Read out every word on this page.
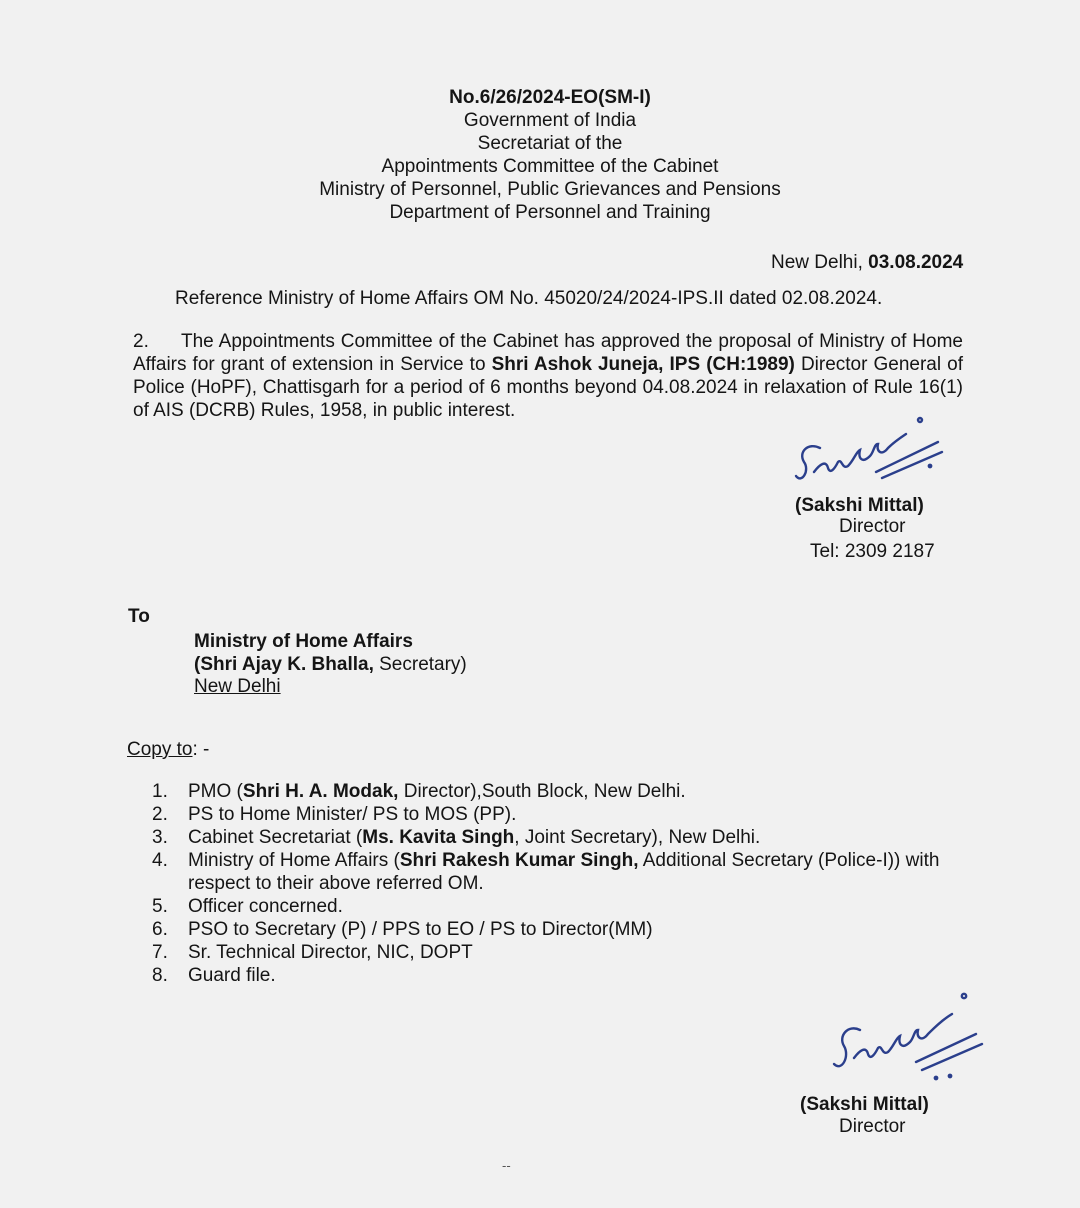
No.6/26/2024-EO(SM-I)
Government of India
Secretariat of the
Appointments Committee of the Cabinet
Ministry of Personnel, Public Grievances and Pensions
Department of Personnel and Training
New Delhi, 03.08.2024
Reference Ministry of Home Affairs OM No. 45020/24/2024-IPS.II dated 02.08.2024.
2. The Appointments Committee of the Cabinet has approved the proposal of Ministry of Home Affairs for grant of extension in Service to Shri Ashok Juneja, IPS (CH:1989) Director General of Police (HoPF), Chattisgarh for a period of 6 months beyond 04.08.2024 in relaxation of Rule 16(1) of AIS (DCRB) Rules, 1958, in public interest.
(Sakshi Mittal)
Director
Tel: 2309 2187
To
Ministry of Home Affairs
(Shri Ajay K. Bhalla, Secretary)
New Delhi
Copy to: -
1. PMO (Shri H. A. Modak, Director),South Block, New Delhi.
2. PS to Home Minister/ PS to MOS (PP).
3. Cabinet Secretariat (Ms. Kavita Singh, Joint Secretary), New Delhi.
4. Ministry of Home Affairs (Shri Rakesh Kumar Singh, Additional Secretary (Police-I)) with
respect to their above referred OM.
5. Officer concerned.
6. PSO to Secretary (P) / PPS to EO / PS to Director(MM)
7. Sr. Technical Director, NIC, DOPT
8. Guard file.
(Sakshi Mittal)
Director
--
